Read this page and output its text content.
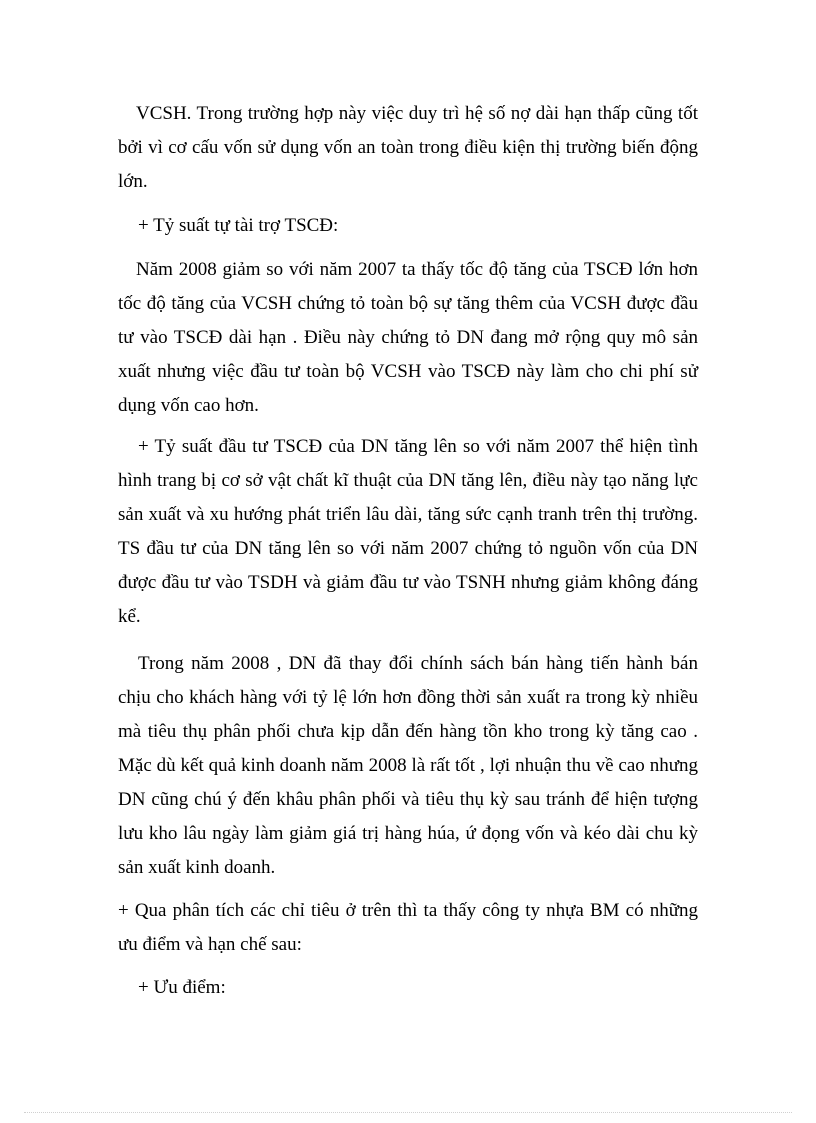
VCSH. Trong trường hợp này việc duy trì hệ số nợ dài hạn thấp cũng tốt bởi vì cơ cấu vốn sử dụng vốn an toàn trong điều kiện thị trường biến động lớn.

+ Tỷ suất tự tài trợ TSCĐ:

Năm 2008 giảm so với năm 2007 ta thấy tốc độ tăng của TSCĐ lớn hơn tốc độ tăng của VCSH chứng tỏ toàn bộ sự tăng thêm của VCSH được đầu tư vào TSCĐ dài hạn . Điều này chứng tỏ DN đang mở rộng quy mô sản xuất nhưng việc đầu tư toàn bộ VCSH vào TSCĐ này làm cho chi phí sử dụng vốn cao hơn.

+ Tỷ suất đầu tư TSCĐ của DN tăng lên so với năm 2007 thể hiện tình hình trang bị cơ sở vật chất kĩ thuật của DN tăng lên, điều này tạo năng lực sản xuất và xu hướng phát triển lâu dài, tăng sức cạnh tranh trên thị trường. TS đầu tư của DN tăng lên so với năm 2007 chứng tỏ nguồn vốn của DN được đầu tư vào TSDH và giảm đầu tư vào TSNH nhưng giảm không đáng kể.

Trong năm 2008 , DN đã thay đổi chính sách bán hàng tiến hành bán chịu cho khách hàng với tỷ lệ lớn hơn đồng thời sản xuất ra trong kỳ nhiều mà tiêu thụ phân phối chưa kịp dẫn đến hàng tồn kho trong kỳ tăng cao . Mặc dù kết quả kinh doanh năm 2008 là rất tốt , lợi nhuận thu về cao nhưng DN cũng chú ý đến khâu phân phối và tiêu thụ kỳ sau tránh để hiện tượng lưu kho lâu ngày làm giảm giá trị hàng húa, ứ đọng vốn và kéo dài chu kỳ sản xuất kinh doanh.

+ Qua phân tích các chỉ tiêu ở trên thì ta thấy công ty nhựa BM có những ưu điểm và hạn chế sau:

+ Ưu điểm:
